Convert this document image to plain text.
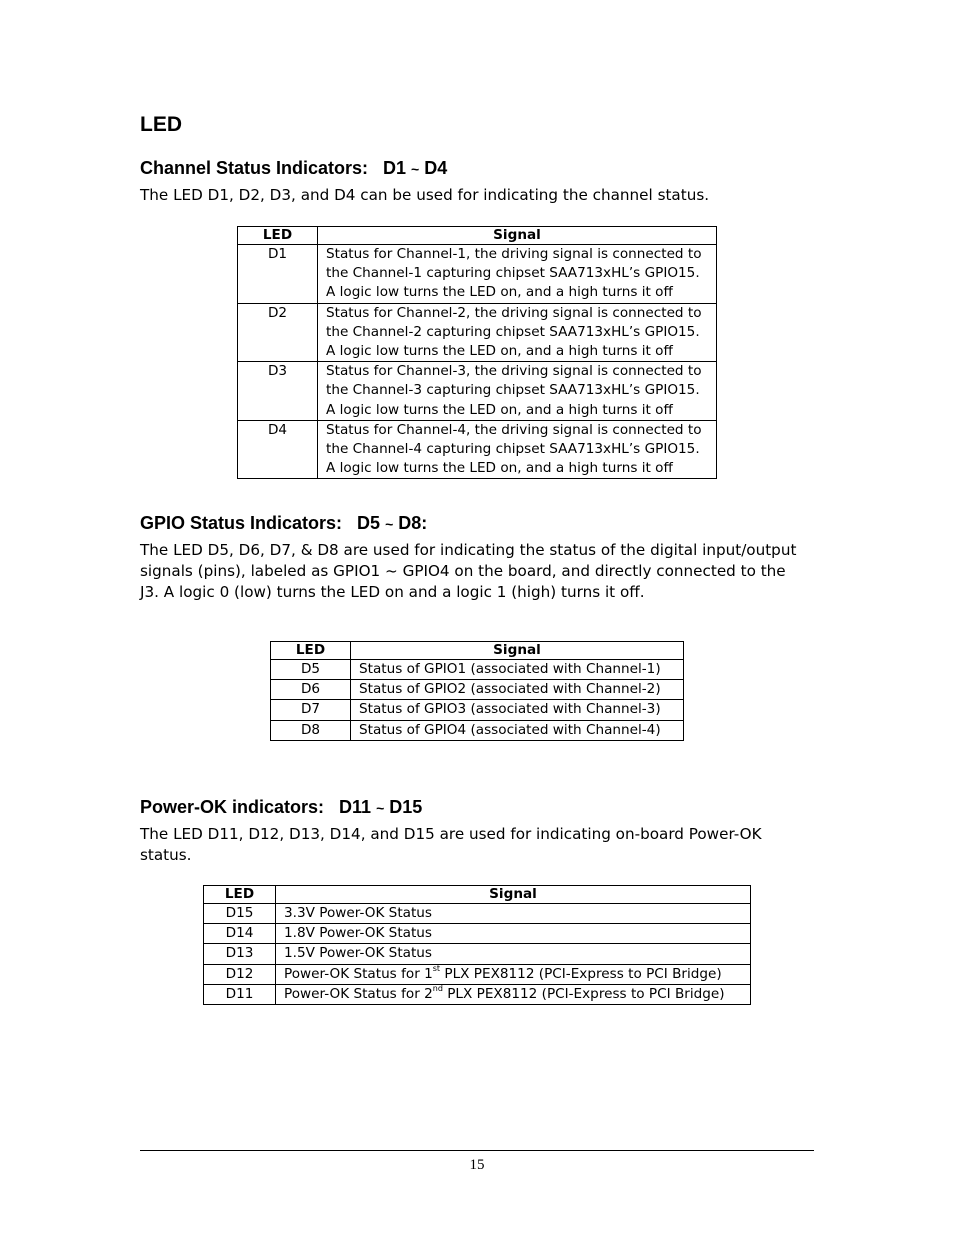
LED
Channel Status Indicators:   D1 ~ D4
The LED D1, D2, D3, and D4 can be used for indicating the channel status.
LED	Signal
D1	Status for Channel-1, the driving signal is connected to
the Channel-1 capturing chipset SAA713xHL’s GPIO15.
A logic low turns the LED on, and a high turns it off

D2	Status for Channel-2, the driving signal is connected to
the Channel-2 capturing chipset SAA713xHL’s GPIO15.
A logic low turns the LED on, and a high turns it off

D3	Status for Channel-3, the driving signal is connected to
the Channel-3 capturing chipset SAA713xHL’s GPIO15.
A logic low turns the LED on, and a high turns it off

D4	Status for Channel-4, the driving signal is connected to
the Channel-4 capturing chipset SAA713xHL’s GPIO15.
A logic low turns the LED on, and a high turns it off
GPIO Status Indicators:   D5 ~ D8:
The LED D5, D6, D7, & D8 are used for indicating the status of the digital input/output
signals (pins), labeled as GPIO1 ~ GPIO4 on the board, and directly connected to the
J3. A logic 0 (low) turns the LED on and a logic 1 (high) turns it off.
LED	Signal
D5	Status of GPIO1 (associated with Channel-1)
D6	Status of GPIO2 (associated with Channel-2)
D7	Status of GPIO3 (associated with Channel-3)
D8	Status of GPIO4 (associated with Channel-4)
Power-OK indicators:   D11 ~ D15
The LED D11, D12, D13, D14, and D15 are used for indicating on-board Power-OK
status.
LED	Signal
D15	3.3V Power-OK Status
D14	1.8V Power-OK Status
D13	1.5V Power-OK Status
D12	Power-OK Status for 1st PLX PEX8112 (PCI-Express to PCI Bridge)
D11	Power-OK Status for 2nd PLX PEX8112 (PCI-Express to PCI Bridge)
15
